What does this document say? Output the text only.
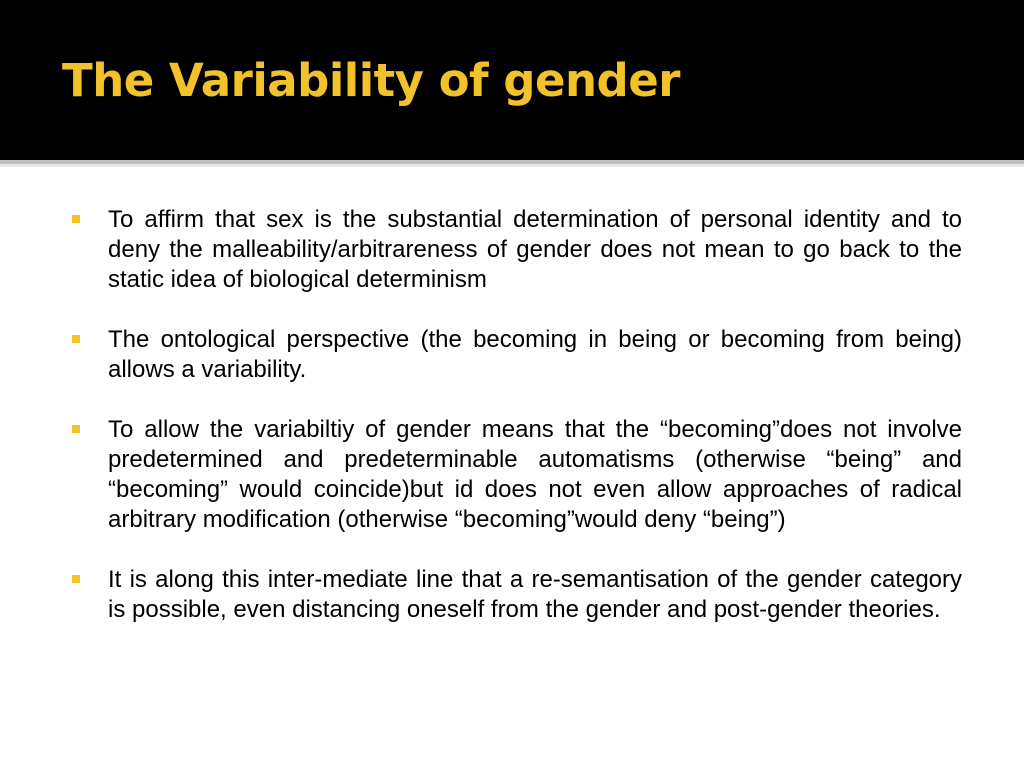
The Variability of gender
To affirm that sex is the substantial determination of personal identity and to deny the malleability/arbitrareness of gender does not mean to go back to the static idea of biological determinism
The ontological perspective (the becoming in being or becoming from being) allows a variability.
To allow the variabiltiy of gender means that the “becoming”does not involve predetermined and predeterminable automatisms (otherwise “being” and “becoming” would coincide)but id does not even allow approaches of radical arbitrary modification (otherwise “becoming”would deny “being”)
It is along this inter-mediate line that a re-semantisation of the gender category is possible, even distancing oneself from the gender and post-gender theories.
